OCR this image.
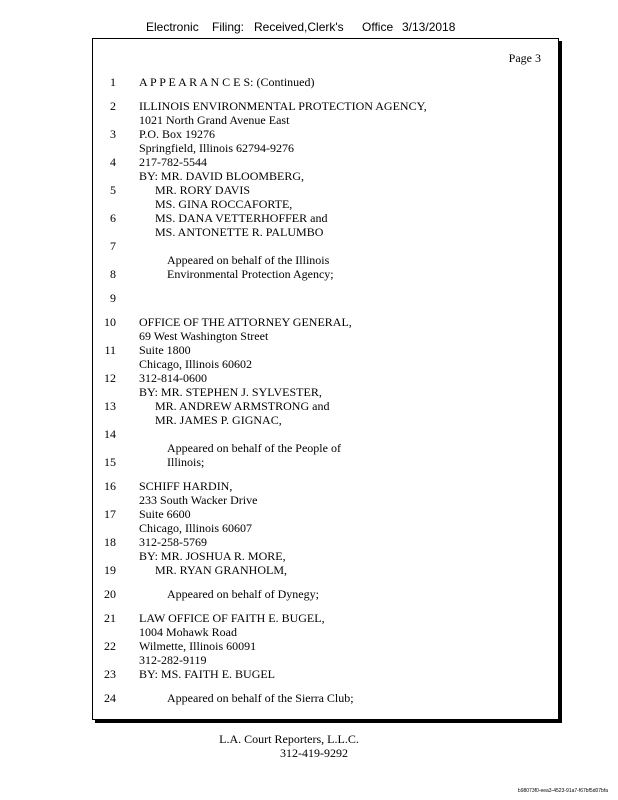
Electronic Filing: Received,Clerk's Office 3/13/2018
Page 3
1 A P P E A R A N C E S: (Continued)
2 ILLINOIS ENVIRONMENTAL PROTECTION AGENCY,
1021 North Grand Avenue East
3 P.O. Box 19276
Springfield, Illinois 62794-9276
4 217-782-5544
BY: MR. DAVID BLOOMBERG,
5	MR. RORY DAVIS
MS. GINA ROCCAFORTE,
6	MS. DANA VETTERHOFFER and
MS. ANTONETTE R. PALUMBO
7
Appeared on behalf of the Illinois
8	Environmental Protection Agency;
9
10 OFFICE OF THE ATTORNEY GENERAL,
69 West Washington Street
11 Suite 1800
Chicago, Illinois 60602
12 312-814-0600
BY: MR. STEPHEN J. SYLVESTER,
13	MR. ANDREW ARMSTRONG and
MR. JAMES P. GIGNAC,
14
Appeared on behalf of the People of
15	Illinois;
16 SCHIFF HARDIN,
233 South Wacker Drive
17 Suite 6600
Chicago, Illinois 60607
18 312-258-5769
BY: MR. JOSHUA R. MORE,
19	MR. RYAN GRANHOLM,
20	Appeared on behalf of Dynegy;
21 LAW OFFICE OF FAITH E. BUGEL,
1004 Mohawk Road
22 Wilmette, Illinois 60091
312-282-9119
23 BY: MS. FAITH E. BUGEL
24	Appeared on behalf of the Sierra Club;
L.A. Court Reporters, L.L.C.
312-419-9292
b98073f0-eea3-4523-91a7-f67bf5d07bfa
